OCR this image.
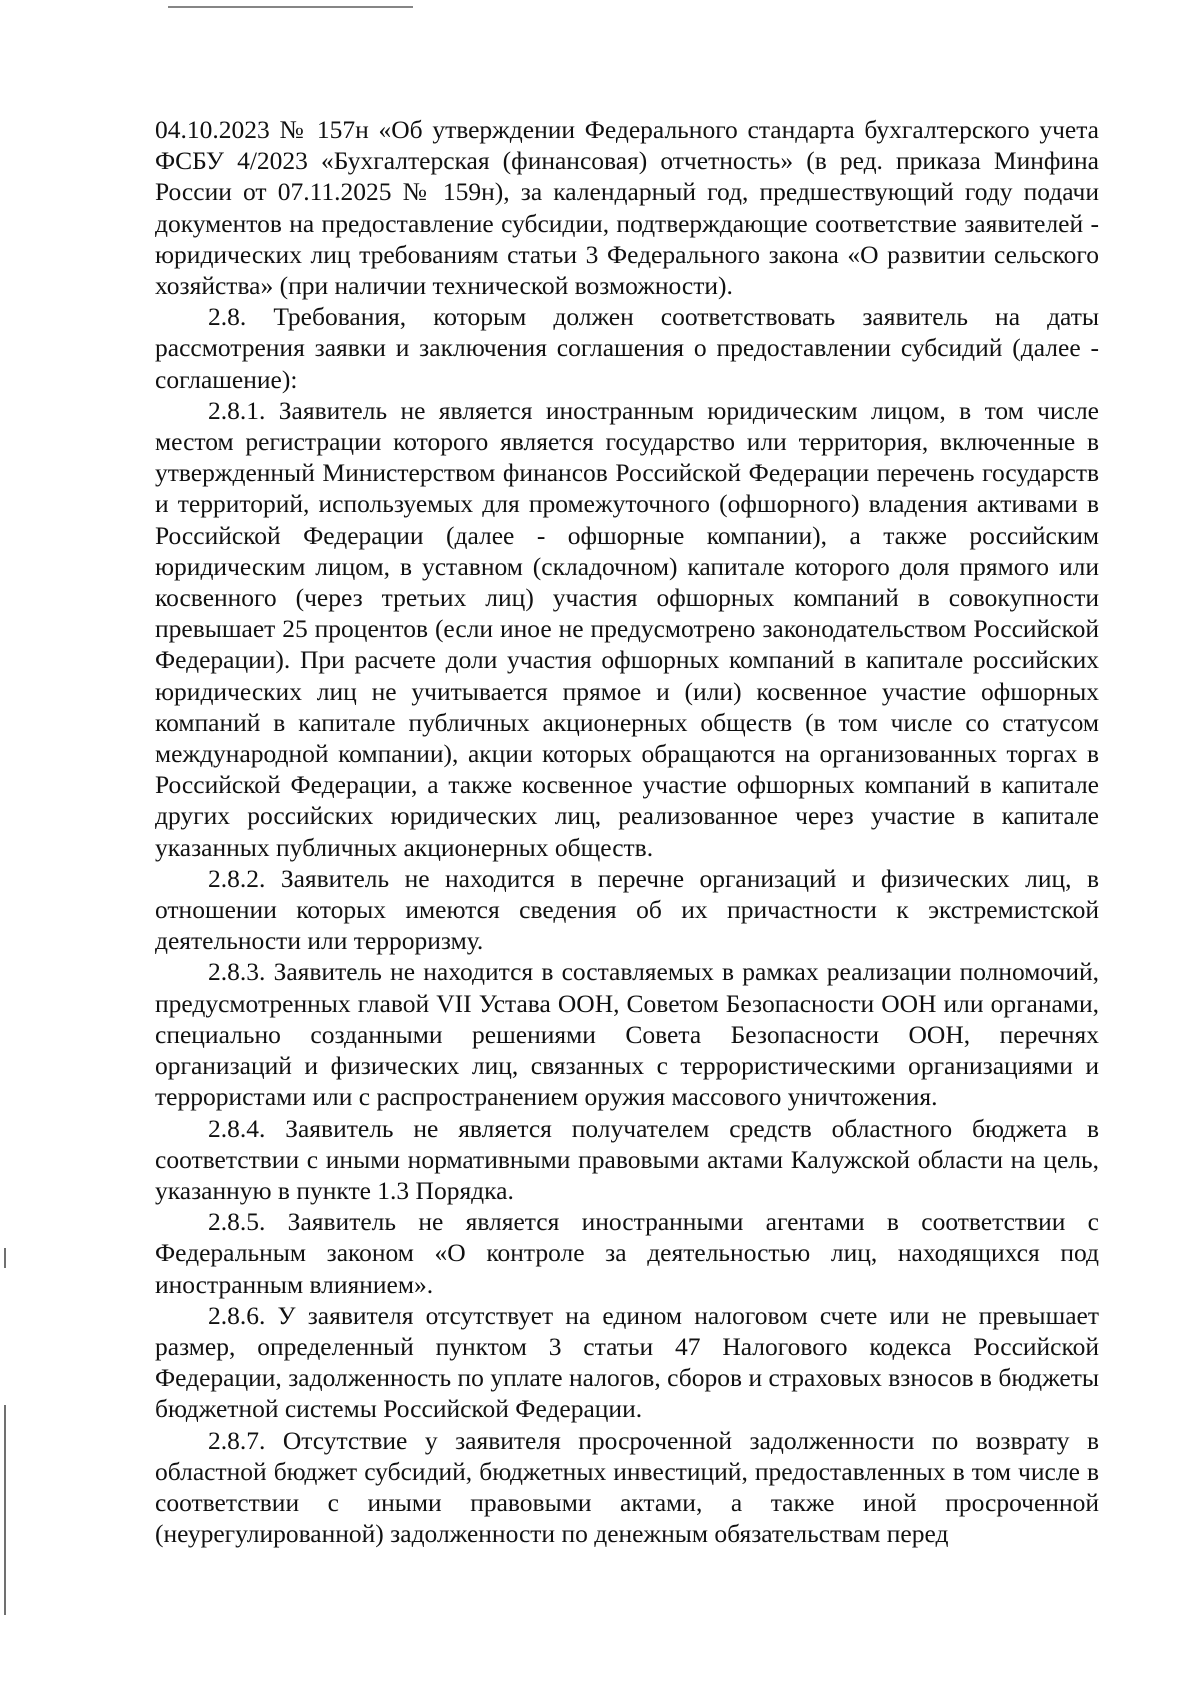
04.10.2023 № 157н «Об утверждении Федерального стандарта бухгалтерского учета ФСБУ 4/2023 «Бухгалтерская (финансовая) отчетность» (в ред. приказа Минфина России от 07.11.2025 № 159н), за календарный год, предшествующий году подачи документов на предоставление субсидии, подтверждающие соответствие заявителей - юридических лиц требованиям статьи 3 Федерального закона «О развитии сельского хозяйства» (при наличии технической возможности).

2.8. Требования, которым должен соответствовать заявитель на даты рассмотрения заявки и заключения соглашения о предоставлении субсидий (далее - соглашение):

2.8.1. Заявитель не является иностранным юридическим лицом, в том числе местом регистрации которого является государство или территория, включенные в утвержденный Министерством финансов Российской Федерации перечень государств и территорий, используемых для промежуточного (офшорного) владения активами в Российской Федерации (далее - офшорные компании), а также российским юридическим лицом, в уставном (складочном) капитале которого доля прямого или косвенного (через третьих лиц) участия офшорных компаний в совокупности превышает 25 процентов (если иное не предусмотрено законодательством Российской Федерации). При расчете доли участия офшорных компаний в капитале российских юридических лиц не учитывается прямое и (или) косвенное участие офшорных компаний в капитале публичных акционерных обществ (в том числе со статусом международной компании), акции которых обращаются на организованных торгах в Российской Федерации, а также косвенное участие офшорных компаний в капитале других российских юридических лиц, реализованное через участие в капитале указанных публичных акционерных обществ.

2.8.2. Заявитель не находится в перечне организаций и физических лиц, в отношении которых имеются сведения об их причастности к экстремистской деятельности или терроризму.

2.8.3. Заявитель не находится в составляемых в рамках реализации полномочий, предусмотренных главой VII Устава ООН, Советом Безопасности ООН или органами, специально созданными решениями Совета Безопасности ООН, перечнях организаций и физических лиц, связанных с террористическими организациями и террористами или с распространением оружия массового уничтожения.

2.8.4. Заявитель не является получателем средств областного бюджета в соответствии с иными нормативными правовыми актами Калужской области на цель, указанную в пункте 1.3 Порядка.

2.8.5. Заявитель не является иностранными агентами в соответствии с Федеральным законом «О контроле за деятельностью лиц, находящихся под иностранным влиянием».

2.8.6. У заявителя отсутствует на едином налоговом счете или не превышает размер, определенный пунктом 3 статьи 47 Налогового кодекса Российской Федерации, задолженность по уплате налогов, сборов и страховых взносов в бюджеты бюджетной системы Российской Федерации.

2.8.7. Отсутствие у заявителя просроченной задолженности по возврату в областной бюджет субсидий, бюджетных инвестиций, предоставленных в том числе в соответствии с иными правовыми актами, а также иной просроченной (неурегулированной) задолженности по денежным обязательствам перед
